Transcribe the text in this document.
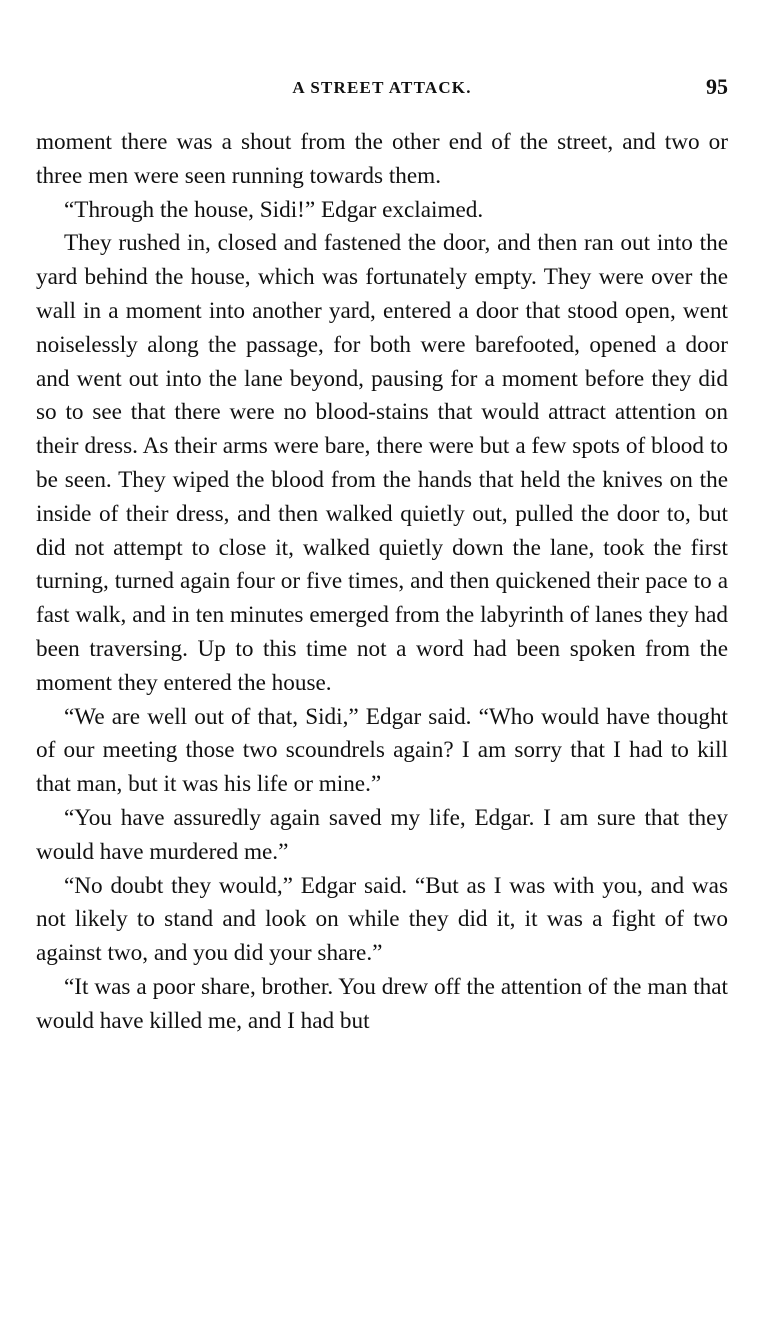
A STREET ATTACK.	95

moment there was a shout from the other end of the street, and two or three men were seen running towards them.

“Through the house, Sidi!” Edgar exclaimed.

They rushed in, closed and fastened the door, and then ran out into the yard behind the house, which was fortunately empty. They were over the wall in a moment into another yard, entered a door that stood open, went noiselessly along the passage, for both were barefooted, opened a door and went out into the lane beyond, pausing for a moment before they did so to see that there were no blood-stains that would attract attention on their dress. As their arms were bare, there were but a few spots of blood to be seen. They wiped the blood from the hands that held the knives on the inside of their dress, and then walked quietly out, pulled the door to, but did not attempt to close it, walked quietly down the lane, took the first turning, turned again four or five times, and then quickened their pace to a fast walk, and in ten minutes emerged from the labyrinth of lanes they had been traversing. Up to this time not a word had been spoken from the moment they entered the house.

“We are well out of that, Sidi,” Edgar said. “Who would have thought of our meeting those two scoundrels again? I am sorry that I had to kill that man, but it was his life or mine.”

“You have assuredly again saved my life, Edgar. I am sure that they would have murdered me.”

“No doubt they would,” Edgar said. “But as I was with you, and was not likely to stand and look on while they did it, it was a fight of two against two, and you did your share.”

“It was a poor share, brother. You drew off the attention of the man that would have killed me, and I had but
